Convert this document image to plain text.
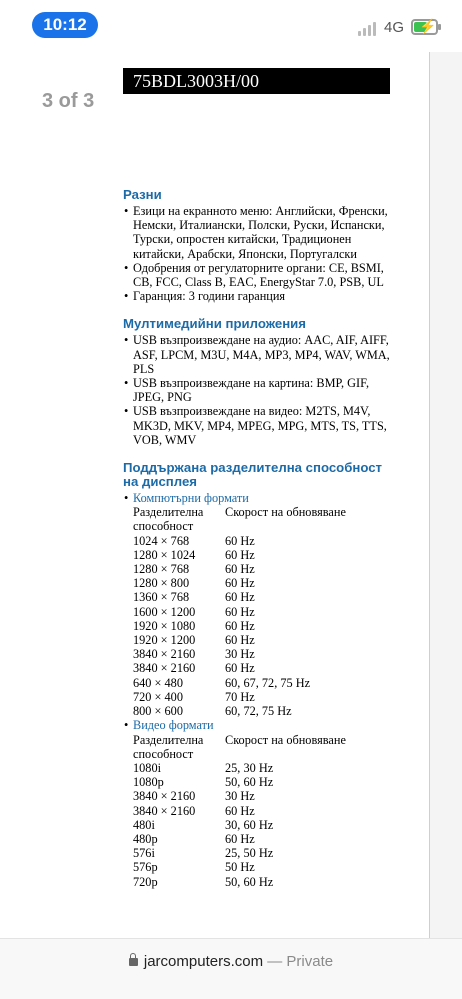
10:12	4G ⚡
3 of 3
75BDL3003H/00
Разни
• Езици на екранното меню: Английски, Френски, Немски, Италиански, Полски, Руски, Испански, Турски, опростен китайски, Традиционен китайски, Арабски, Японски, Португалски
• Одобрения от регулаторните органи: CE, BSMI, CB, FCC, Class B, EAC, EnergyStar 7.0, PSB, UL
• Гаранция: 3 години гаранция
Мултимедийни приложения
• USB възпроизвеждане на аудио: AAC, AIF, AIFF, ASF, LPCM, M3U, M4A, MP3, MP4, WAV, WMA, PLS
• USB възпроизвеждане на картина: BMP, GIF, JPEG, PNG
• USB възпроизвеждане на видео: M2TS, M4V, MK3D, MKV, MP4, MPEG, MPG, MTS, TS, TTS, VOB, WMV
Поддържана разделителна способност на дисплея
• Компютърни формати
Разделителна способност	Скорост на обновяване
1024 × 768	60 Hz
1280 × 1024	60 Hz
1280 × 768	60 Hz
1280 × 800	60 Hz
1360 × 768	60 Hz
1600 × 1200	60 Hz
1920 × 1080	60 Hz
1920 × 1200	60 Hz
3840 × 2160	30 Hz
3840 × 2160	60 Hz
640 × 480	60, 67, 72, 75 Hz
720 × 400	70 Hz
800 × 600	60, 72, 75 Hz
• Видео формати
Разделителна способност	Скорост на обновяване
1080i	25, 30 Hz
1080p	50, 60 Hz
3840 × 2160	30 Hz
3840 × 2160	60 Hz
480i	30, 60 Hz
480p	60 Hz
576i	25, 50 Hz
576p	50 Hz
720p	50, 60 Hz
jarcomputers.com — Private
